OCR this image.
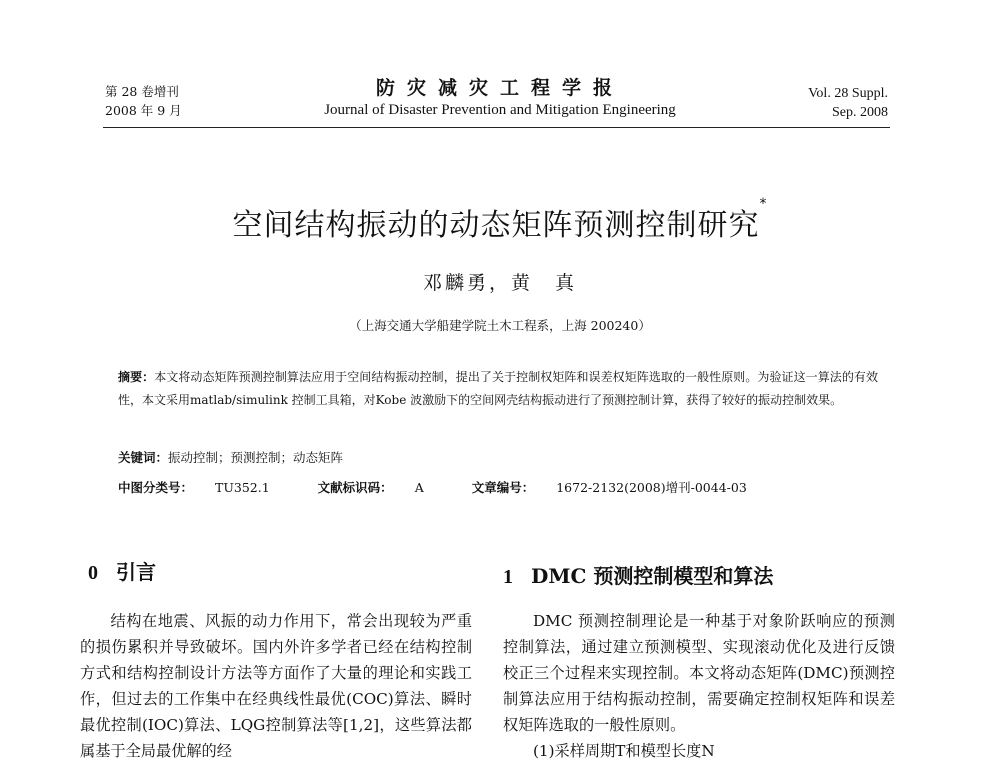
第 28 卷增刊
2008 年 9 月
防灾减灾工程学报
Journal of Disaster Prevention and Mitigation Engineering
Vol. 28 Suppl.
Sep. 2008
空间结构振动的动态矩阵预测控制研究*
邓麟勇，黄　真
（上海交通大学船建学院土木工程系，上海 200240）
摘要：本文将动态矩阵预测控制算法应用于空间结构振动控制，提出了关于控制权矩阵和误差权矩阵选取的一般性原则。为验证这一算法的有效性，本文采用matlab/simulink 控制工具箱，对Kobe 波激励下的空间网壳结构振动进行了预测控制计算，获得了较好的振动控制效果。
关键词：振动控制；预测控制；动态矩阵
中图分类号： TU352.1	文献标识码： A	文章编号： 1672-2132(2008)增刊-0044-03
0 引言	1 DMC 预测控制模型和算法

结构在地震、风振的动力作用下，常会出现较为严重的损伤累积并导致破坏。国内外许多学者已经在结构控制方式和结构控制设计方法等方面作了大量的理论和实践工作，但过去的工作集中在经典线性最优(COC)算法、瞬时最优控制(IOC)算法、LQG控制算法等[1,2]，这些算法都属基于全局最优解的经

DMC 预测控制理论是一种基于对象阶跃响应的预测控制算法，通过建立预测模型、实现滚动优化及进行反馈校正三个过程来实现控制。本文将动态矩阵(DMC)预测控制算法应用于结构振动控制，需要确定控制权矩阵和误差权矩阵选取的一般性原则。

(1)采样周期T和模型长度N
